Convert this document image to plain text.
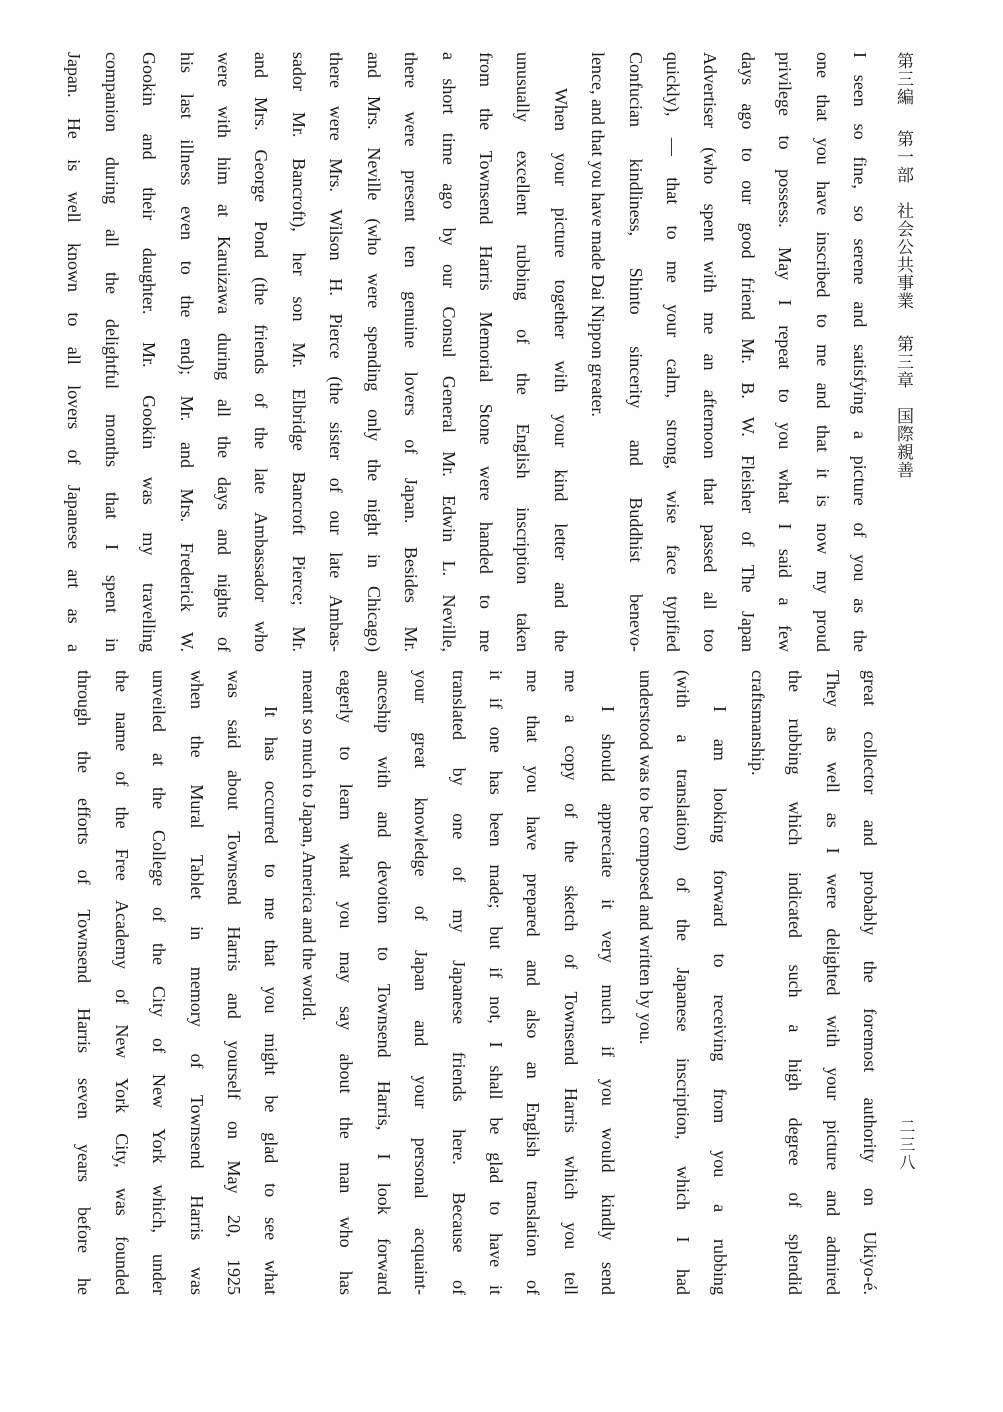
第三編 第一部　社会公共事業 第三章　国際親善
二三八

I seen so fine, so serene and satisfying a picture of you as the

one that you have inscribed to me and that it is now my proud

privilege to possess. May I repeat to you what I said a few

days ago to our good friend Mr. B. W. Fleisher of The Japan

Advertiser (who spent with me an afternoon that passed all too

quickly), — that to me your calm, strong, wise face typified

Confucian kindliness, Shinto sincerity and Buddhist benevo-

lence, and that you have made Dai Nippon greater.

When your picture together with your kind letter and the

unusually excellent rubbing of the English inscription taken

from the Townsend Harris Memorial Stone were handed to me

a short time ago by our Consul General Mr. Edwin L. Neville,

there were present ten genuine lovers of Japan. Besides Mr.

and Mrs. Neville (who were spending only the night in Chicago)

there were Mrs. Wilson H. Pierce (the sister of our late Ambas-

sador Mr. Bancroft), her son Mr. Elbridge Bancroft Pierce; Mr.

and Mrs. George Pond (the friends of the late Ambassador who

were with him at Karuizawa during all the days and nights of

his last illness even to the end); Mr. and Mrs. Frederick W.

Gookin and their daughter. Mr. Gookin was my travelling

companion during all the delightful months that I spent in

Japan. He is well known to all lovers of Japanese art as a

great collector and probably the foremost authority on Ukiyo-é.

They as well as I were delighted with your picture and admired

the rubbing which indicated such a high degree of splendid

craftsmanship.

I am looking forward to receiving from you a rubbing

(with a translation) of the Japanese inscription, which I had

understood was to be composed and written by you.

I should appreciate it very much if you would kindly send

me a copy of the sketch of Townsend Harris which you tell

me that you have prepared and also an English translation of

it if one has been made; but if not, I shall be glad to have it

translated by one of my Japanese friends here. Because of

your great knowledge of Japan and your personal acquaint-

anceship with and devotion to Townsend Harris, I look forward

eagerly to learn what you may say about the man who has

meant so much to Japan, America and the world.

It has occurred to me that you might be glad to see what

was said about Townsend Harris and yourself on May 20, 1925

when the Mural Tablet in memory of Townsend Harris was

unveiled at the College of the City of New York which, under

the name of the Free Academy of New York City, was founded

through the efforts of Townsend Harris seven years before he
